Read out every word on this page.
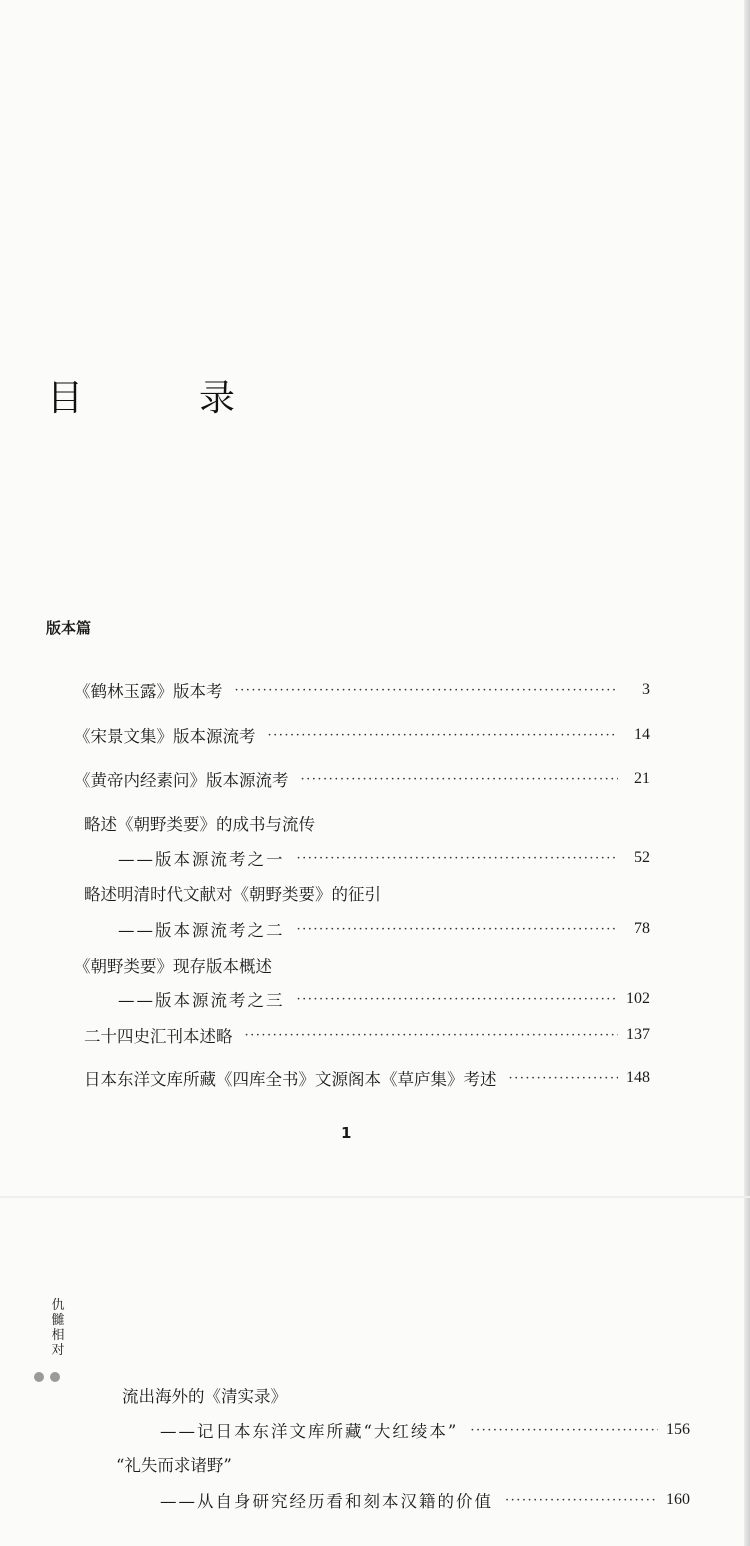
目　录
版本篇
《鹤林玉露》版本考 ·····	3
《宋景文集》版本源流考 ·····	14
《黄帝内经素问》版本源流考 ·····	21
略述《朝野类要》的成书与流传
——版本源流考之一 ·····	52
略述明清时代文献对《朝野类要》的征引
——版本源流考之二 ·····	78
《朝野类要》现存版本概述
——版本源流考之三 ·····	102
二十四史汇刊本述略 ·····	137
日本东洋文库所藏《四库全书》文源阁本《草庐集》考述 ·····	148
1
仇
雠
相
对
流出海外的《清实录》
——记日本东洋文库所藏“大红绫本” ·····	156
“礼失而求诸野”
——从自身研究经历看和刻本汉籍的价值 ·····	160
